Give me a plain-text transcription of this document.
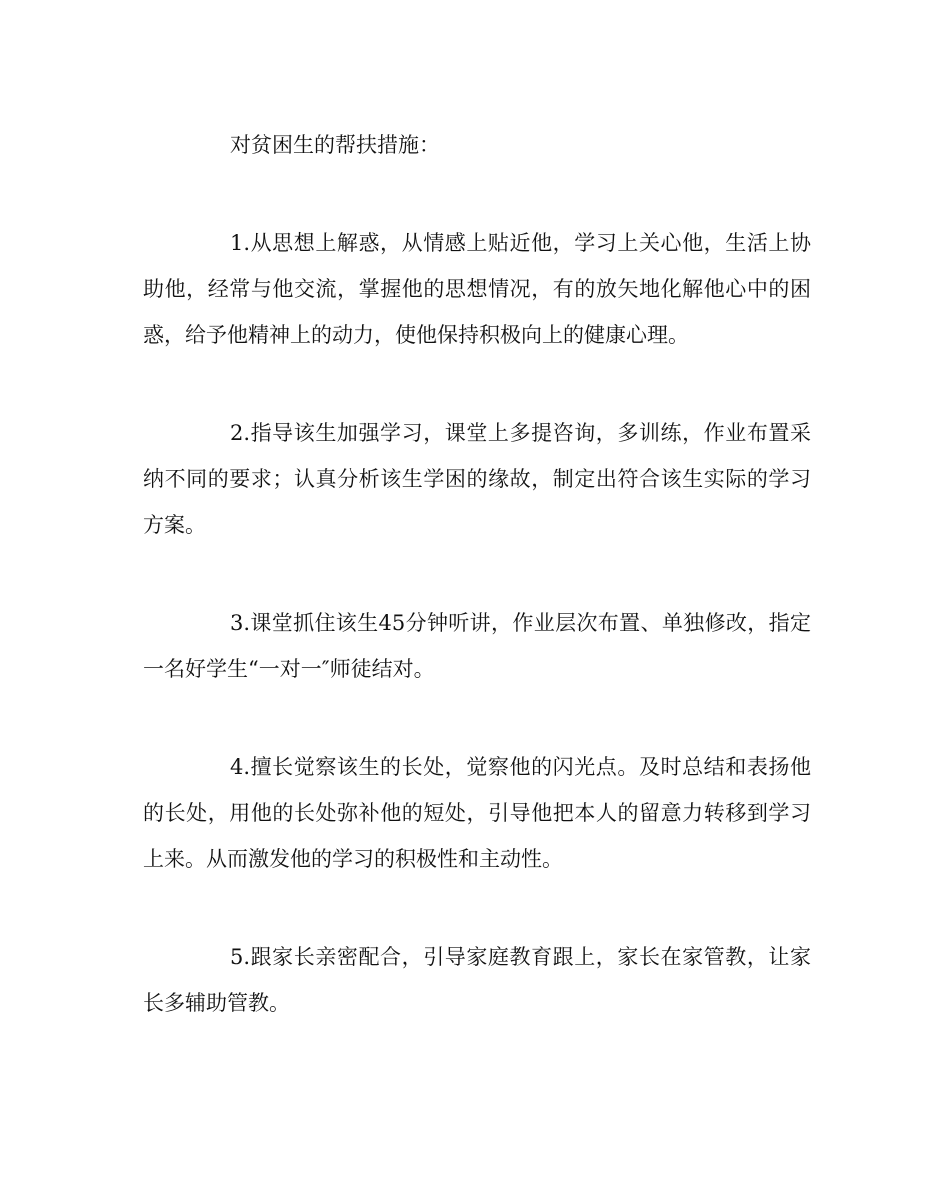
对贫困生的帮扶措施：

1.从思想上解惑，从情感上贴近他，学习上关心他，生活上协助他，经常与他交流，掌握他的思想情况，有的放矢地化解他心中的困惑，给予他精神上的动力，使他保持积极向上的健康心理。

2.指导该生加强学习，课堂上多提咨询，多训练，作业布置采纳不同的要求；认真分析该生学困的缘故，制定出符合该生实际的学习方案。

3.课堂抓住该生45分钟听讲，作业层次布置、单独修改，指定一名好学生“一对一″师徒结对。

4.擅长觉察该生的长处，觉察他的闪光点。及时总结和表扬他的长处，用他的长处弥补他的短处，引导他把本人的留意力转移到学习上来。从而激发他的学习的积极性和主动性。

5.跟家长亲密配合，引导家庭教育跟上，家长在家管教，让家长多辅助管教。
